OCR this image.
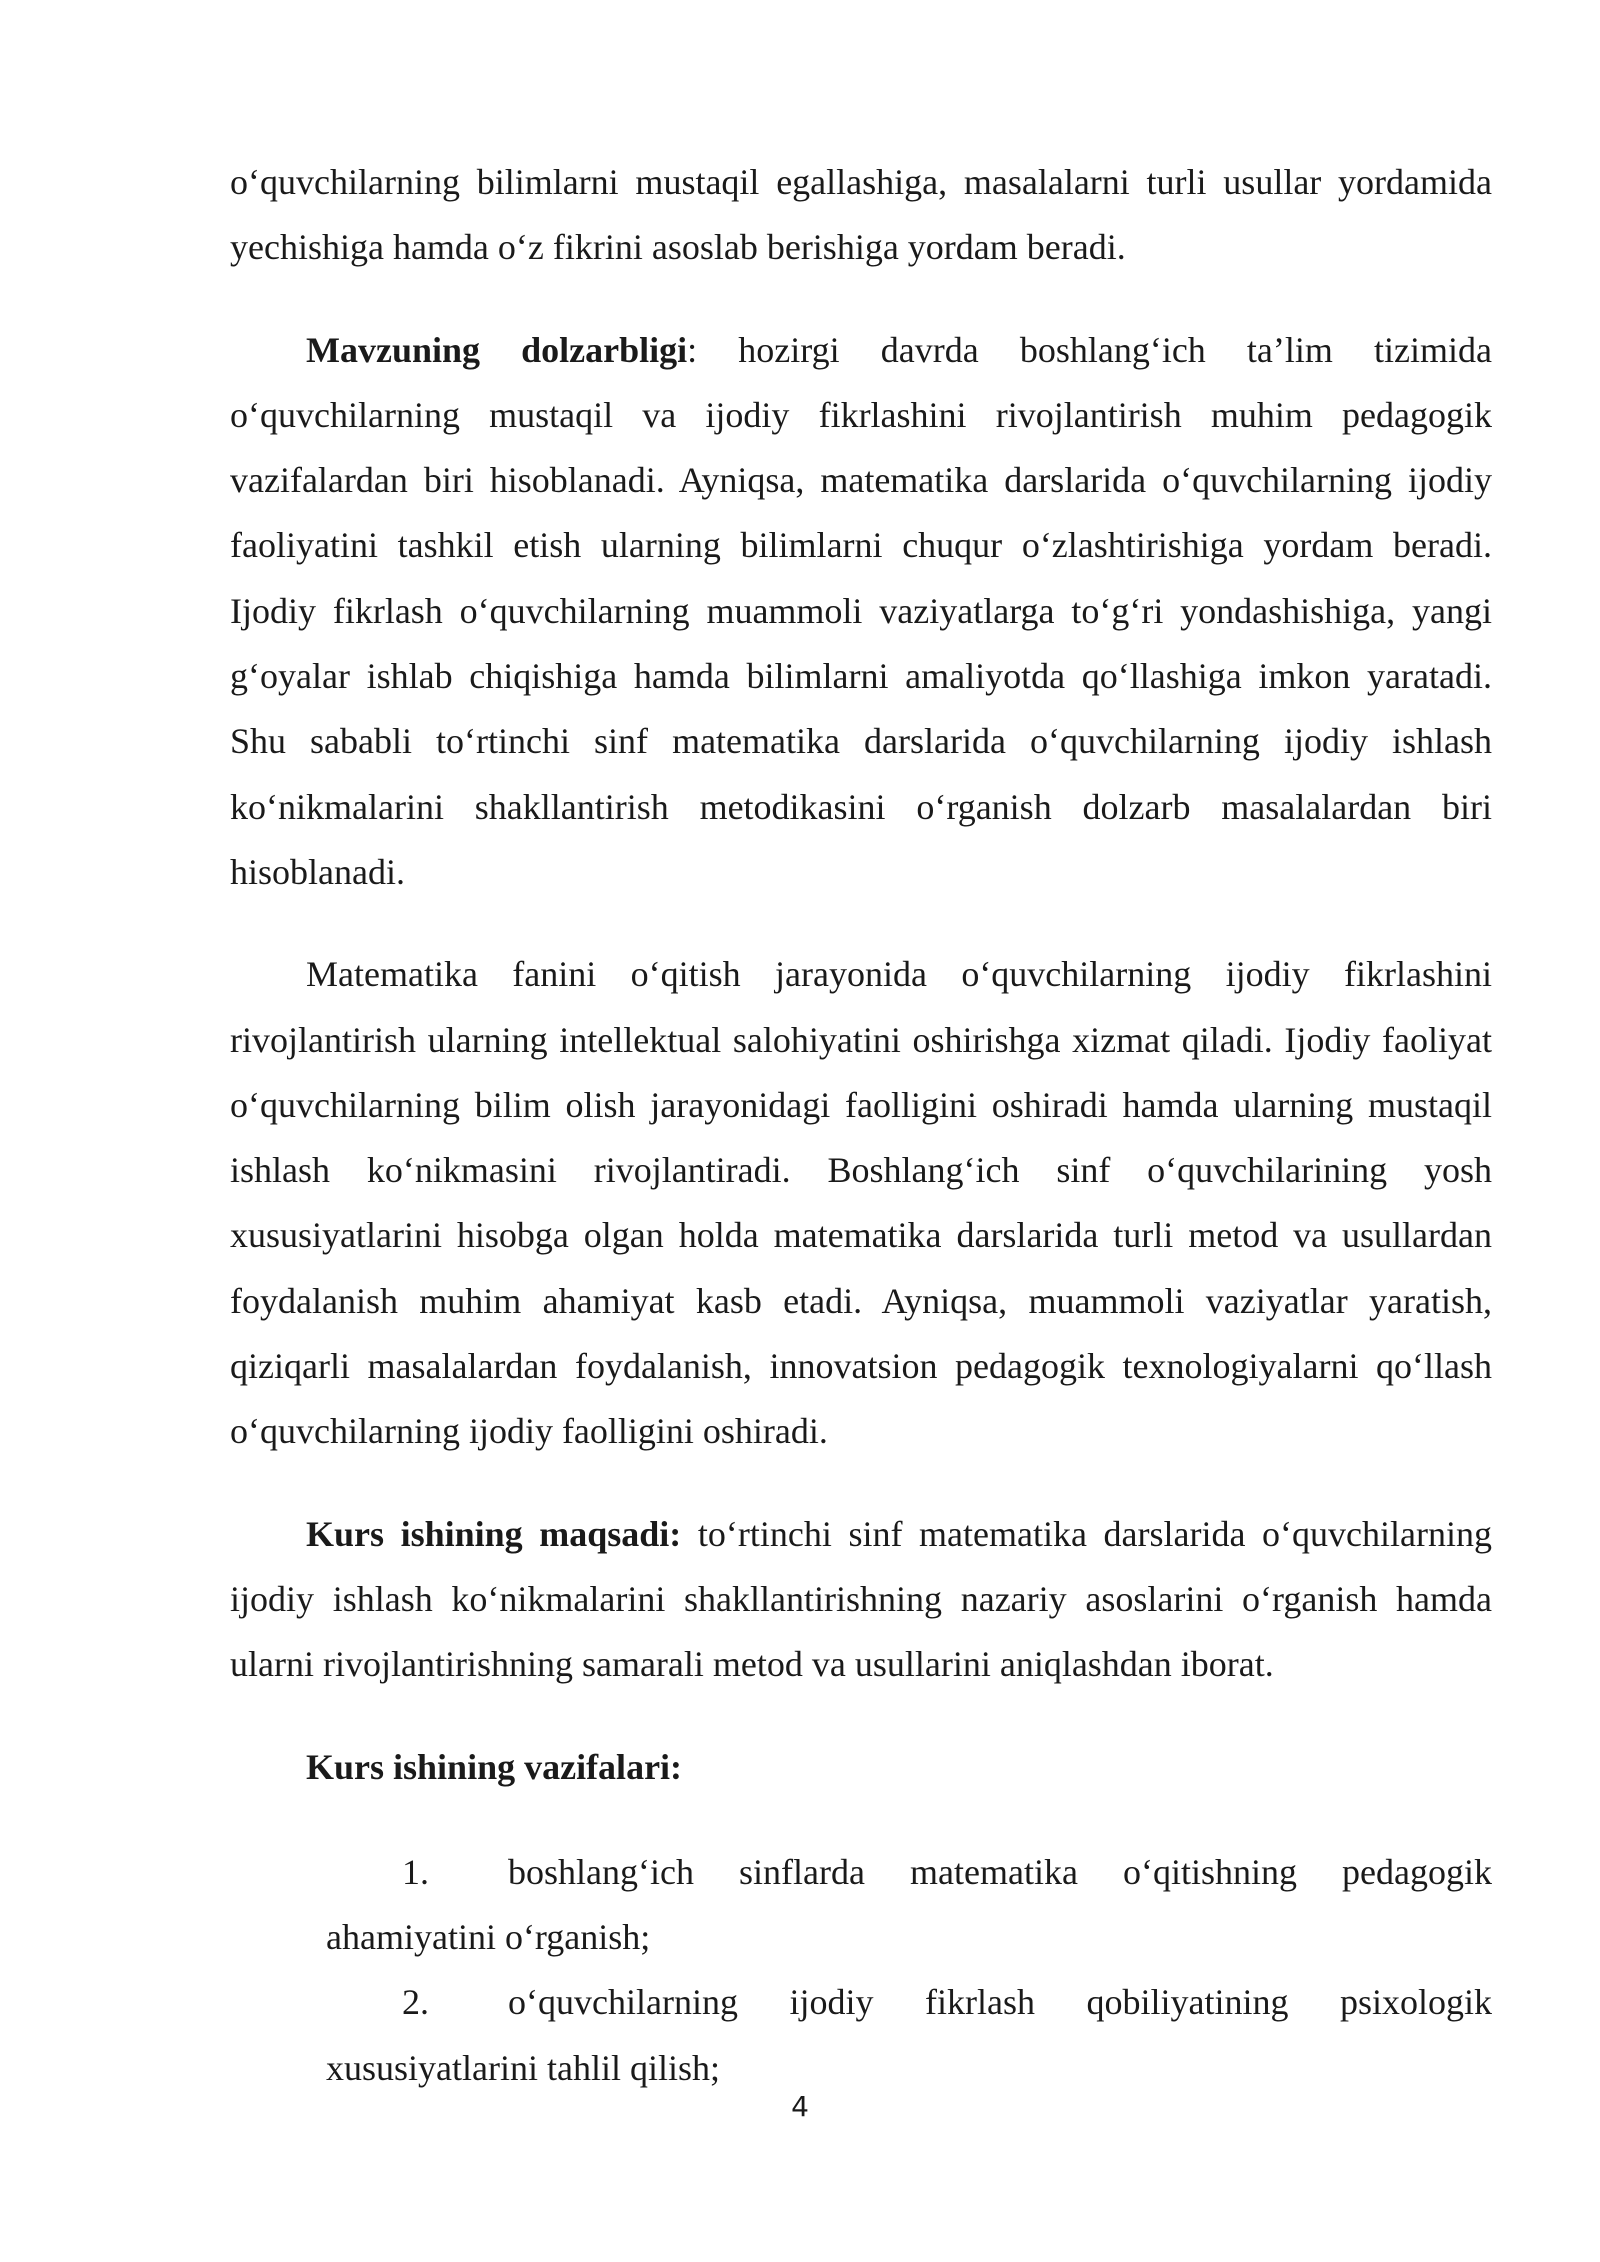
o‘quvchilarning bilimlarni mustaqil egallashiga, masalalarni turli usullar yordamida yechishiga hamda o‘z fikrini asoslab berishiga yordam beradi.

Mavzuning dolzarbligi: hozirgi davrda boshlang‘ich ta’lim tizimida o‘quvchilarning mustaqil va ijodiy fikrlashini rivojlantirish muhim pedagogik vazifalardan biri hisoblanadi. Ayniqsa, matematika darslarida o‘quvchilarning ijodiy faoliyatini tashkil etish ularning bilimlarni chuqur o‘zlashtirishiga yordam beradi. Ijodiy fikrlash o‘quvchilarning muammoli vaziyatlarga to‘g‘ri yondashishiga, yangi g‘oyalar ishlab chiqishiga hamda bilimlarni amaliyotda qo‘llashiga imkon yaratadi. Shu sababli to‘rtinchi sinf matematika darslarida o‘quvchilarning ijodiy ishlash ko‘nikmalarini shakllantirish metodikasini o‘rganish dolzarb masalalardan biri hisoblanadi.

Matematika fanini o‘qitish jarayonida o‘quvchilarning ijodiy fikrlashini rivojlantirish ularning intellektual salohiyatini oshirishga xizmat qiladi. Ijodiy faoliyat o‘quvchilarning bilim olish jarayonidagi faolligini oshiradi hamda ularning mustaqil ishlash ko‘nikmasini rivojlantiradi. Boshlang‘ich sinf o‘quvchilarining yosh xususiyatlarini hisobga olgan holda matematika darslarida turli metod va usullardan foydalanish muhim ahamiyat kasb etadi. Ayniqsa, muammoli vaziyatlar yaratish, qiziqarli masalalardan foydalanish, innovatsion pedagogik texnologiyalarni qo‘llash o‘quvchilarning ijodiy faolligini oshiradi.

Kurs ishining maqsadi: to‘rtinchi sinf matematika darslarida o‘quvchilarning ijodiy ishlash ko‘nikmalarini shakllantirishning nazariy asoslarini o‘rganish hamda ularni rivojlantirishning samarali metod va usullarini aniqlashdan iborat.

Kurs ishining vazifalari:

1. boshlang‘ich sinflarda matematika o‘qitishning pedagogik ahamiyatini o‘rganish;

2. o‘quvchilarning ijodiy fikrlash qobiliyatining psixologik xususiyatlarini tahlil qilish;

4
